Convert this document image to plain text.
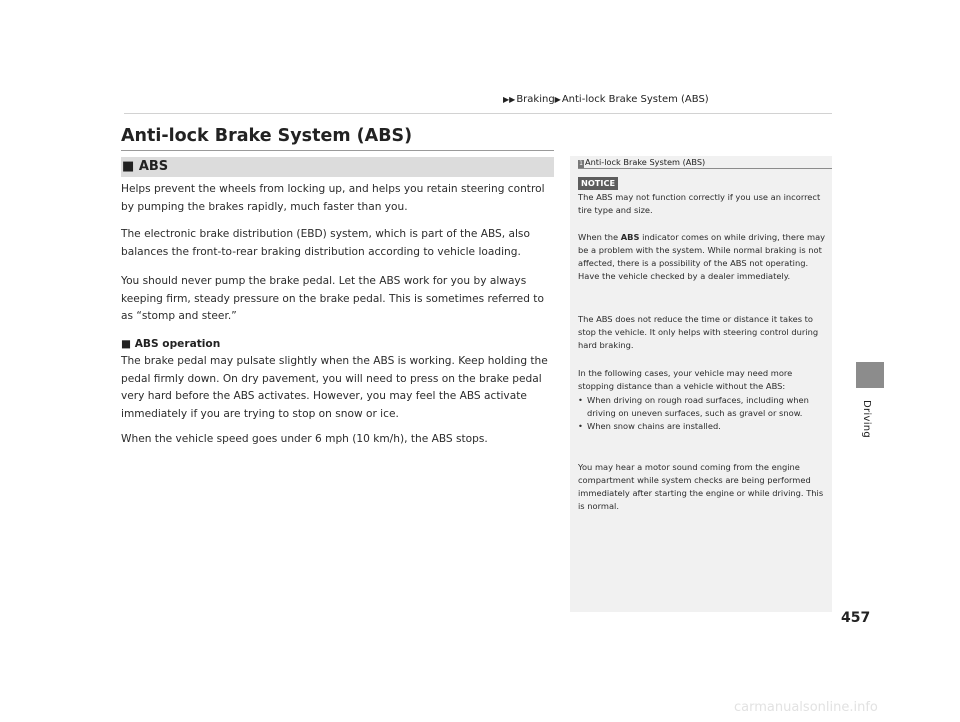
▶▶Braking▶Anti-lock Brake System (ABS)
Anti-lock Brake System (ABS)
■ ABS

Helps prevent the wheels from locking up, and helps you retain steering control by pumping the brakes rapidly, much faster than you.

The electronic brake distribution (EBD) system, which is part of the ABS, also balances the front-to-rear braking distribution according to vehicle loading.

You should never pump the brake pedal. Let the ABS work for you by always keeping firm, steady pressure on the brake pedal. This is sometimes referred to as “stomp and steer.”

■ ABS operation

The brake pedal may pulsate slightly when the ABS is working. Keep holding the pedal firmly down. On dry pavement, you will need to press on the brake pedal very hard before the ABS activates. However, you may feel the ABS activate immediately if you are trying to stop on snow or ice.

When the vehicle speed goes under 6 mph (10 km/h), the ABS stops.

1 Anti-lock Brake System (ABS)
NOTICE

The ABS may not function correctly if you use an incorrect tire type and size.

When the ABS indicator comes on while driving, there may be a problem with the system. While normal braking is not affected, there is a possibility of the ABS not operating. Have the vehicle checked by a dealer immediately.

The ABS does not reduce the time or distance it takes to stop the vehicle. It only helps with steering control during hard braking.

In the following cases, your vehicle may need more stopping distance than a vehicle without the ABS:

• When driving on rough road surfaces, including when driving on uneven surfaces, such as gravel or snow.
• When snow chains are installed.

You may hear a motor sound coming from the engine compartment while system checks are being performed immediately after starting the engine or while driving. This is normal.

Driving
457
carmanualsonline.info
